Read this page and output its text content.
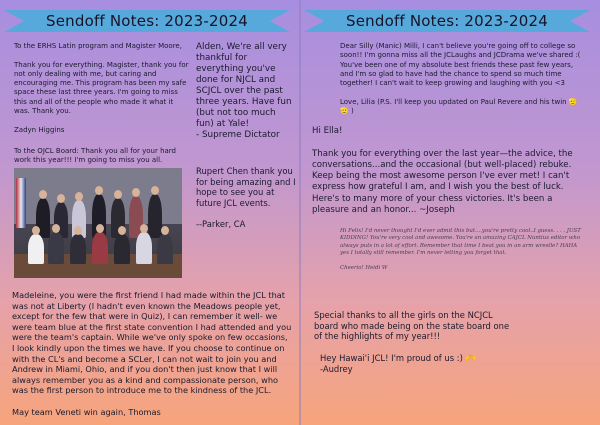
Sendoff Notes: 2023-2024
To the ERHS Latin program and Magister Moore,

Thank you for everything. Magister, thank you for not only dealing with me, but caring and encouraging me. This program has been my safe space these last three years. I'm going to miss this and all of the people who made it what it was. Thank you.

Zadyn Higgins
Alden, We're all very thankful for everything you've done for NJCL and SCJCL over the past three years. Have fun (but not too much fun) at Yale!
- Supreme Dictator
To the OJCL Board: Thank you all for your hard work this year!!! I'm going to miss you all.
Rupert Chen thank you for being amazing and I hope to see you at future JCL events.

--Parker, CA
Madeleine, you were the first friend I had made within the JCL that was not at Liberty (I hadn't even known the Meadows people yet, except for the few that were in Quiz), I can remember it well- we were team blue at the first state convention I had attended and you were the team's captain. While we've only spoke on few occasions, I look kindly upon the times we have. If you choose to continue on with the CL's and become a SCLer, I can not wait to join you and Andrew in Miami, Ohio, and if you don't then just know that I will always remember you as a kind and compassionate person, who was the first person to introduce me to the kindness of the JCL.

May team Veneti win again, Thomas
Sendoff Notes: 2023-2024
Dear Silly (Manic) Milli, I can't believe you're going off to college so soon!! I'm gonna miss all the JCLaughs and JCDrama we've shared :( You've been one of my absolute best friends these past few years, and I'm so glad to have had the chance to spend so much time together! I can't wait to keep growing and laughing with you <3

Love, Lilia (P.S. I'll keep you updated on Paul Revere and his twin 🫡 🫡 )
Hi Ella!

Thank you for everything over the last year—the advice, the conversations...and the occasional (but well-placed) rebuke. Keep being the most awesome person I've ever met! I can't express how grateful I am, and I wish you the best of luck. Here's to many more of your chess victories. It's been a pleasure and an honor... ~Joseph
Hi Felix! I'd never thought I'd ever admit this but....you're pretty cool..I guess. . . . JUST KIDDING! You're very cool and awesome. You're an amazing CAJCL Nuntius editor who always puts in a lot of effort. Remember that time I beat you in an arm wrestle? HAHA yes I totally still remember. I'm never letting you forget that.

Cheerio! Heidi W
Special thanks to all the girls on the NCJCL board who made being on the state board one of the highlights of my year!!!
Hey Hawai'i JCL! I'm proud of us :) 🫶
-Audrey
